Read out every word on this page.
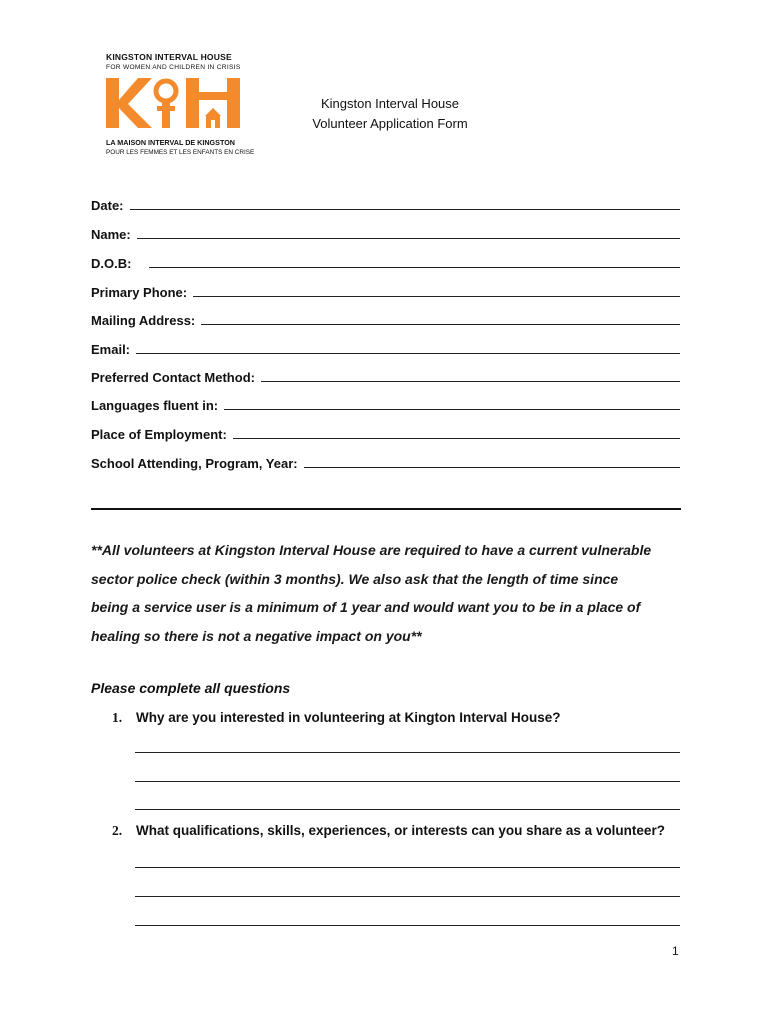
KINGSTON INTERVAL HOUSE
FOR WOMEN AND CHILDREN IN CRISIS
LA MAISON INTERVAL DE KINGSTON
POUR LES FEMMES ET LES ENFANTS EN CRISE
Kingston Interval House
Volunteer Application Form
Date:
Name:
D.O.B:
Primary Phone:
Mailing Address:
Email:
Preferred Contact Method:
Languages fluent in:
Place of Employment:
School Attending, Program, Year:
**All volunteers at Kingston Interval House are required to have a current vulnerable
sector police check (within 3 months). We also ask that the length of time since
being a service user is a minimum of 1 year and would want you to be in a place of
healing so there is not a negative impact on you**
Please complete all questions
1. Why are you interested in volunteering at Kington Interval House?
2. What qualifications, skills, experiences, or interests can you share as a volunteer?
1
